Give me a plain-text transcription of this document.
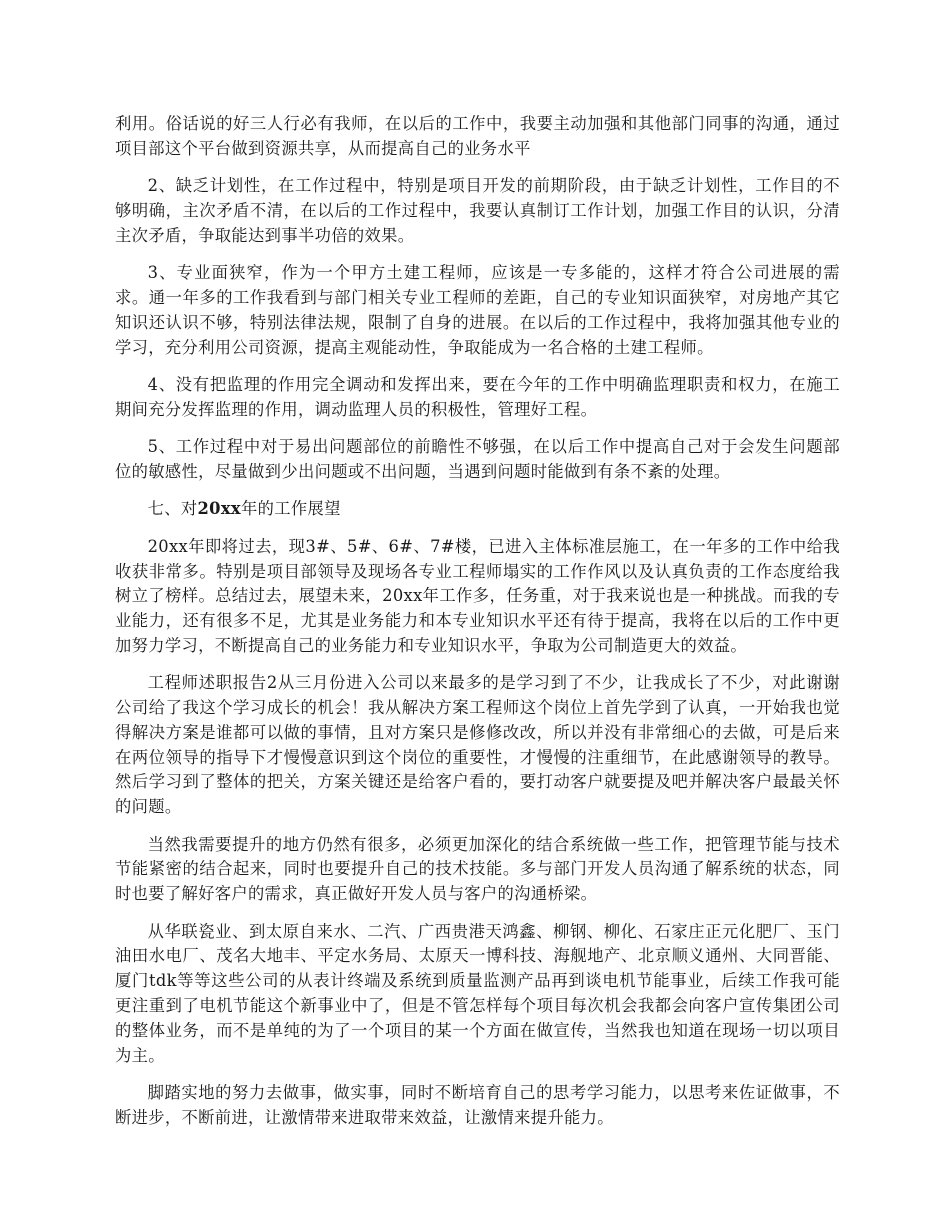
利用。俗话说的好三人行必有我师，在以后的工作中，我要主动加强和其他部门同事的沟通，通过项目部这个平台做到资源共享，从而提高自己的业务水平

2、缺乏计划性，在工作过程中，特别是项目开发的前期阶段，由于缺乏计划性，工作目的不够明确，主次矛盾不清，在以后的工作过程中，我要认真制订工作计划，加强工作目的认识，分清主次矛盾，争取能达到事半功倍的效果。

3、专业面狭窄，作为一个甲方土建工程师，应该是一专多能的，这样才符合公司进展的需求。通一年多的工作我看到与部门相关专业工程师的差距，自己的专业知识面狭窄，对房地产其它知识还认识不够，特别法律法规，限制了自身的进展。在以后的工作过程中，我将加强其他专业的学习，充分利用公司资源，提高主观能动性，争取能成为一名合格的土建工程师。

4、没有把监理的作用完全调动和发挥出来，要在今年的工作中明确监理职责和权力，在施工期间充分发挥监理的作用，调动监理人员的积极性，管理好工程。

5、工作过程中对于易出问题部位的前瞻性不够强，在以后工作中提高自己对于会发生问题部位的敏感性，尽量做到少出问题或不出问题，当遇到问题时能做到有条不紊的处理。

七、对20xx年的工作展望

20xx年即将过去，现3#、5#、6#、7#楼，已进入主体标准层施工，在一年多的工作中给我收获非常多。特别是项目部领导及现场各专业工程师塌实的工作作风以及认真负责的工作态度给我树立了榜样。总结过去，展望未来，20xx年工作多，任务重，对于我来说也是一种挑战。而我的专业能力，还有很多不足，尤其是业务能力和本专业知识水平还有待于提高，我将在以后的工作中更加努力学习，不断提高自己的业务能力和专业知识水平，争取为公司制造更大的效益。

工程师述职报告2从三月份进入公司以来最多的是学习到了不少，让我成长了不少，对此谢谢公司给了我这个学习成长的机会！我从解决方案工程师这个岗位上首先学到了认真，一开始我也觉得解决方案是谁都可以做的事情，且对方案只是修修改改，所以并没有非常细心的去做，可是后来在两位领导的指导下才慢慢意识到这个岗位的重要性，才慢慢的注重细节，在此感谢领导的教导。然后学习到了整体的把关，方案关键还是给客户看的，要打动客户就要提及吧并解决客户最最关怀的问题。

当然我需要提升的地方仍然有很多，必须更加深化的结合系统做一些工作，把管理节能与技术节能紧密的结合起来，同时也要提升自己的技术技能。多与部门开发人员沟通了解系统的状态，同时也要了解好客户的需求，真正做好开发人员与客户的沟通桥梁。

从华联瓷业、到太原自来水、二汽、广西贵港天鸿鑫、柳钢、柳化、石家庄正元化肥厂、玉门油田水电厂、茂名大地丰、平定水务局、太原天一博科技、海舰地产、北京顺义通州、大同晋能、厦门tdk等等这些公司的从表计终端及系统到质量监测产品再到谈电机节能事业，后续工作我可能更注重到了电机节能这个新事业中了，但是不管怎样每个项目每次机会我都会向客户宣传集团公司的整体业务，而不是单纯的为了一个项目的某一个方面在做宣传，当然我也知道在现场一切以项目为主。

脚踏实地的努力去做事，做实事，同时不断培育自己的思考学习能力，以思考来佐证做事，不断进步，不断前进，让激情带来进取带来效益，让激情来提升能力。
